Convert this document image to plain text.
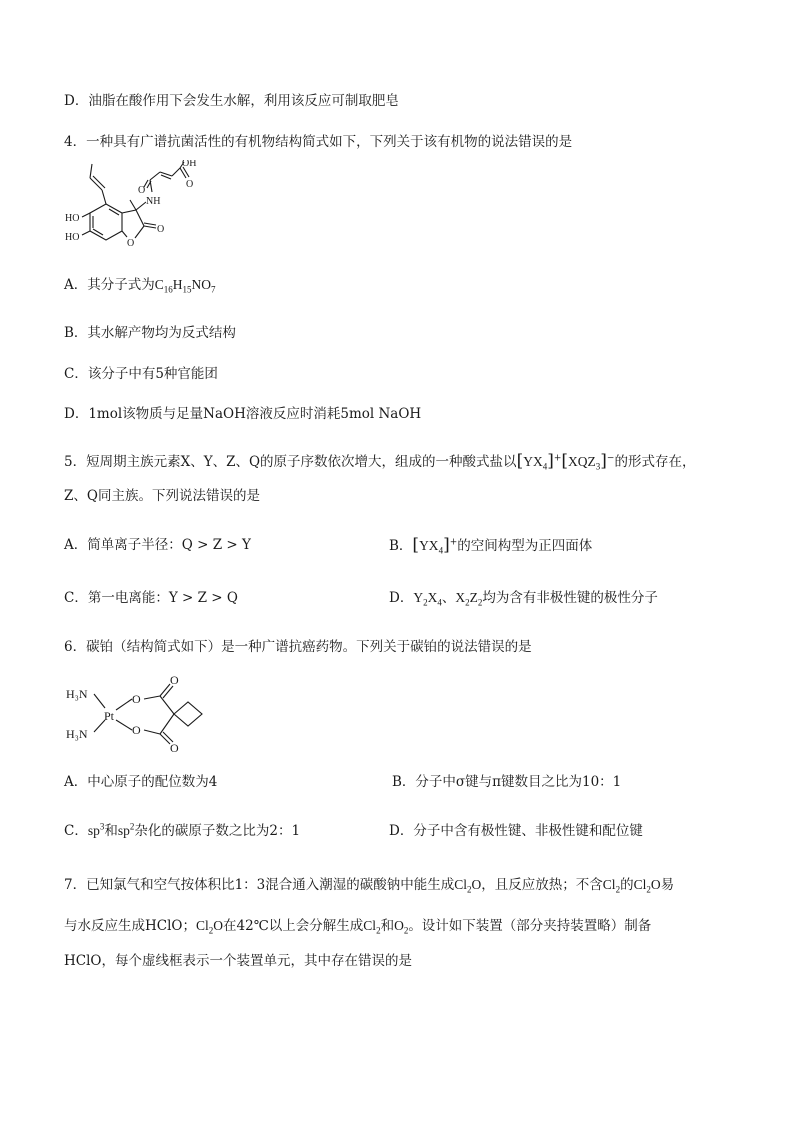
D．油脂在酸作用下会发生水解，利用该反应可制取肥皂
4．一种具有广谱抗菌活性的有机物结构简式如下，下列关于该有机物的说法错误的是
OH
O
O
NH
HO
HO
O
O
A．其分子式为$C_{16}H_{15}NO_7$
B．其水解产物均为反式结构
C．该分子中有5种官能团
D．1mol该物质与足量NaOH溶液反应时消耗5mol NaOH
5．短周期主族元素X、Y、Z、Q的原子序数依次增大，组成的一种酸式盐以$[YX_4]^+[XQZ_3]^-$的形式存在，
Z、Q同主族。下列说法错误的是
A．简单离子半径：Q > Z > Y	B．$[YX_4]^+$的空间构型为正四面体
C．第一电离能：Y > Z > Q	D．$Y_2X_4$、$X_2Z_2$均为含有非极性键的极性分子
6．碳铂（结构简式如下）是一种广谱抗癌药物。下列关于碳铂的说法错误的是
H₃N
H₃N
Pt
O
O
O
O
A．中心原子的配位数为4	B．分子中σ键与π键数目之比为10：1
C．$sp^3$和$sp^2$杂化的碳原子数之比为2：1	D．分子中含有极性键、非极性键和配位键
7．已知氯气和空气按体积比1：3混合通入潮湿的碳酸钠中能生成$Cl_2O$，且反应放热；不含$Cl_2$的$Cl_2O$易
与水反应生成HClO；$Cl_2O$在42℃以上会分解生成$Cl_2$和$O_2$。设计如下装置（部分夹持装置略）制备
HClO，每个虚线框表示一个装置单元，其中存在错误的是
